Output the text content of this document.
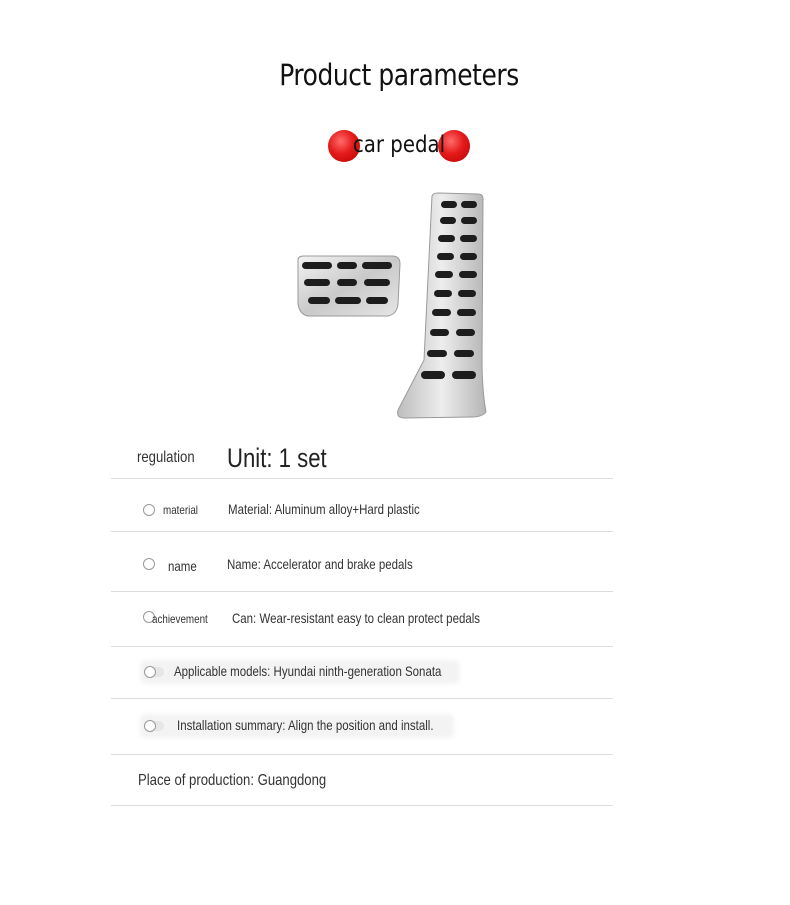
Product parameters
car pedal
regulation Unit: 1 set
material Material: Aluminum alloy+Hard plastic
name Name: Accelerator and brake pedals
achievement Can: Wear-resistant easy to clean protect pedals
Applicable models: Hyundai ninth-generation Sonata
Installation summary: Align the position and install.
Place of production: Guangdong
